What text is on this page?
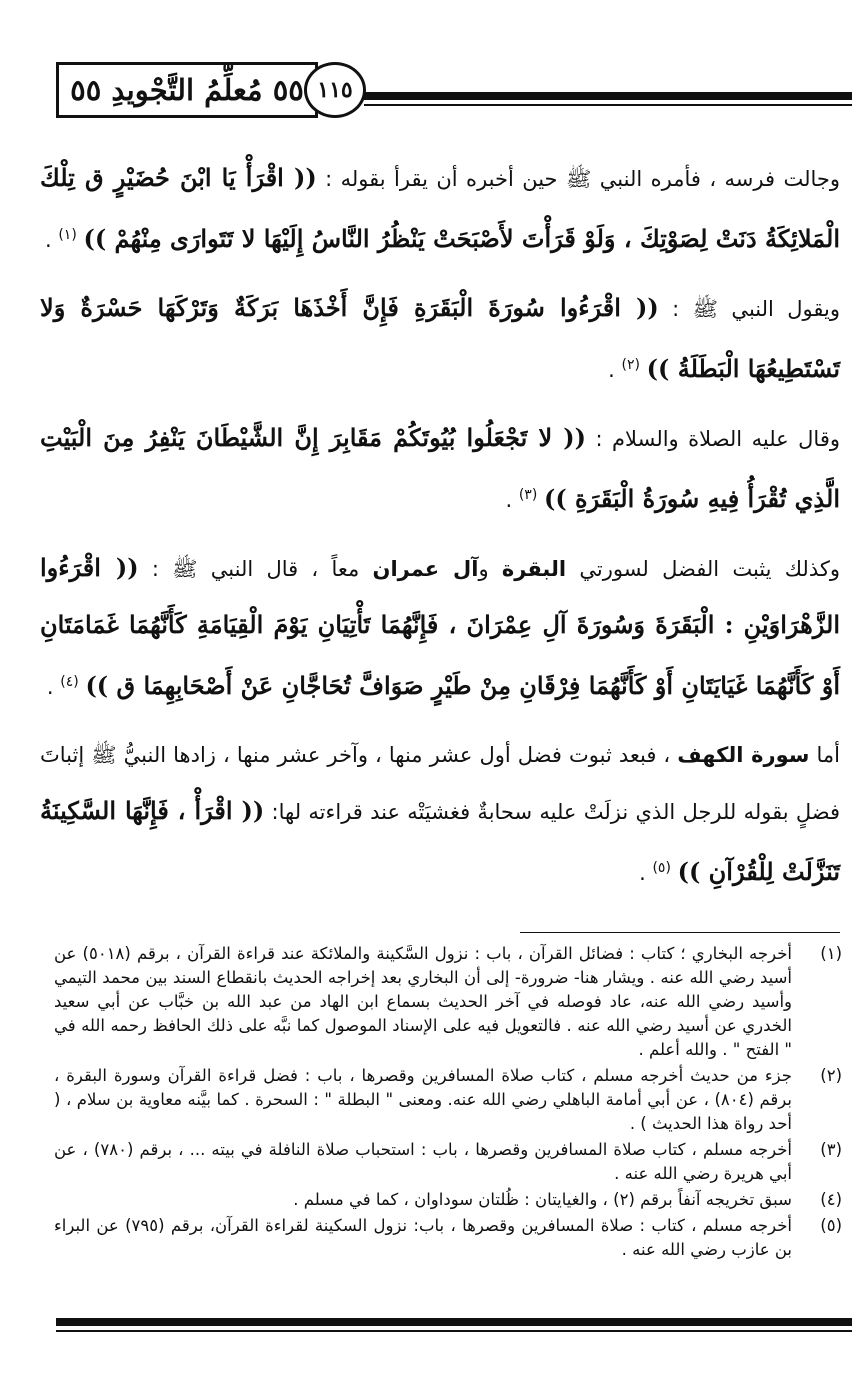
٥٥ مُعلِّمُ التَّجْويدِ ٥٥ ١١٥

وجالت فرسه ، فأمره النبي ﷺ حين أخبره أن يقرأ بقوله : (( اقْرَأْ يَا ابْنَ حُضَيْرٍ ق تِلْكَ الْمَلائِكَةُ دَنَتْ لِصَوْتِكَ ، وَلَوْ قَرَأْتَ لأَصْبَحَتْ يَنْظُرُ النَّاسُ إِلَيْهَا لا تَتَوارَى مِنْهُمْ )) $^{(١)}$ .

ويقول النبي ﷺ : (( اقْرَءُوا سُورَةَ الْبَقَرَةِ فَإِنَّ أَخْذَهَا بَرَكَةٌ وَتَرْكَهَا حَسْرَةٌ وَلا تَسْتَطِيعُهَا الْبَطَلَةُ )) $^{(٢)}$ .

وقال عليه الصلاة والسلام : (( لا تَجْعَلُوا بُيُوتَكُمْ مَقَابِرَ إِنَّ الشَّيْطَانَ يَنْفِرُ مِنَ الْبَيْتِ الَّذِي تُقْرَأُ فِيهِ سُورَةُ الْبَقَرَةِ )) $^{(٣)}$ .

وكذلك يثبت الفضل لسورتي البقرة وآل عمران معاً ، قال النبي ﷺ : (( اقْرَءُوا الزَّهْرَاوَيْنِ : الْبَقَرَةَ وَسُورَةَ آلِ عِمْرَانَ ، فَإِنَّهُمَا تَأْتِيَانِ يَوْمَ الْقِيَامَةِ كَأَنَّهُمَا غَمَامَتَانِ أَوْ كَأَنَّهُمَا غَيَايَتَانِ أَوْ كَأَنَّهُمَا فِرْقَانِ مِنْ طَيْرٍ صَوَافَّ تُحَاجَّانِ عَنْ أَصْحَابِهِمَا ق )) $^{(٤)}$ .

أما سورة الكهف ، فبعد ثبوت فضل أول عشر منها ، وآخر عشر منها ، زادها النبيُّ ﷺ إثباتَ فضلٍ بقوله للرجل الذي نزلَتْ عليه سحابةٌ فغشيَتْه عند قراءته لها: (( اقْرَأْ ، فَإِنَّهَا السَّكِينَةُ تَنَزَّلَتْ لِلْقُرْآنِ )) $^{(٥)}$ .

(١)
أخرجه البخاري ؛ كتاب : فضائل القرآن ، باب : نزول السَّكينة والملائكة عند قراءة القرآن ، برقم (٥٠١٨) عن أسيد رضي الله عنه . ويشار هنا- ضرورة- إلى أن البخاري بعد إخراجه الحديث بانقطاع السند بين محمد التيمي وأسيد رضي الله عنه، عاد فوصله في آخر الحديث بسماع ابن الهاد من عبد الله بن خبَّاب عن أبي سعيد الخدري عن أسيد رضي الله عنه . فالتعويل فيه على الإسناد الموصول كما نبَّه على ذلك الحافظ رحمه الله في " الفتح " . والله أعلم .
(٢)
جزء من حديث أخرجه مسلم ، كتاب صلاة المسافرين وقصرها ، باب : فضل قراءة القرآن وسورة البقرة ، برقم (٨٠٤) ، عن أبي أمامة الباهلي رضي الله عنه. ومعنى " البطلة " : السحرة . كما بيَّنه معاوية بن سلام ، ( أحد رواة هذا الحديث ) .
(٣)
أخرجه مسلم ، كتاب صلاة المسافرين وقصرها ، باب : استحباب صلاة النافلة في بيته ... ، برقم (٧٨٠) ، عن أبي هريرة رضي الله عنه .
(٤)
سبق تخريجه آنفاً برقم (٢) ، والغيايتان : ظُلتان سوداوان ، كما في مسلم .
(٥)
أخرجه مسلم ، كتاب : صلاة المسافرين وقصرها ، باب: نزول السكينة لقراءة القرآن، برقم (٧٩٥) عن البراء بن عازب رضي الله عنه .
